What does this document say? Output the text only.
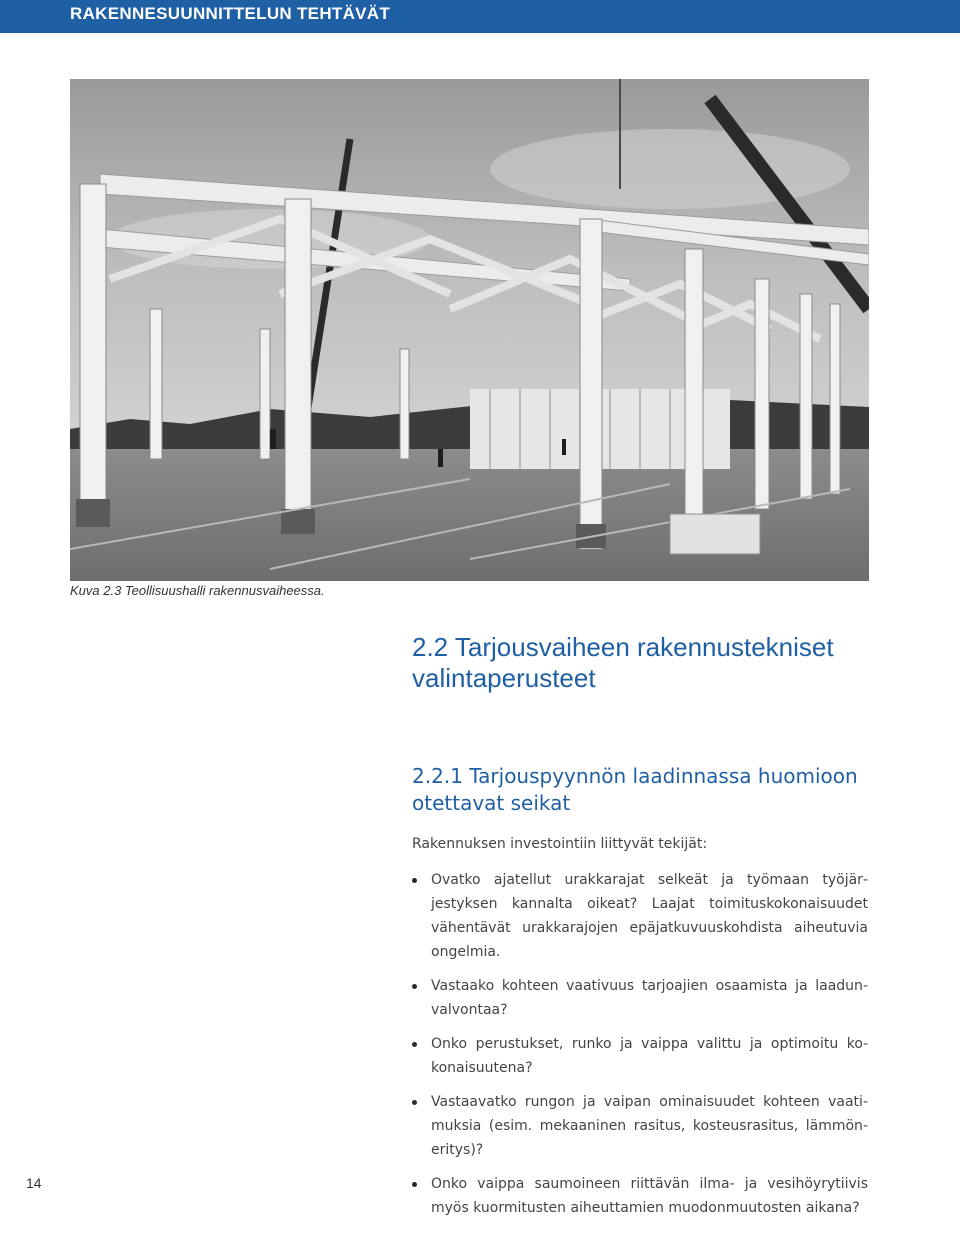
RAKENNESUUNNITTELUN TEHTÄVÄT
Kuva 2.3 Teollisuushalli rakennusvaiheessa.
2.2 Tarjousvaiheen rakennustekniset valintaperusteet
2.2.1 Tarjouspyynnön laadinnassa huomioon otettavat seikat
Rakennuksen investointiin liittyvät tekijät:
Ovatko ajatellut urakkarajat selkeät ja työmaan työjärjestyksen kannalta oikeat? Laajat toimituskokonaisuudet vähentävät urakkarajojen epäjatkuvuuskohdista aiheutuvia ongelmia.
Vastaako kohteen vaativuus tarjoajien osaamista ja laadunvalvontaa?
Onko perustukset, runko ja vaippa valittu ja optimoitu kokonaisuutena?
Vastaavatko rungon ja vaipan ominaisuudet kohteen vaatimuksia (esim. mekaaninen rasitus, kosteusrasitus, lämmöneritys)?
Onko vaippa saumoineen riittävän ilma- ja vesihöyrytiivis myös kuormitusten aiheuttamien muodonmuutosten aikana?
14
